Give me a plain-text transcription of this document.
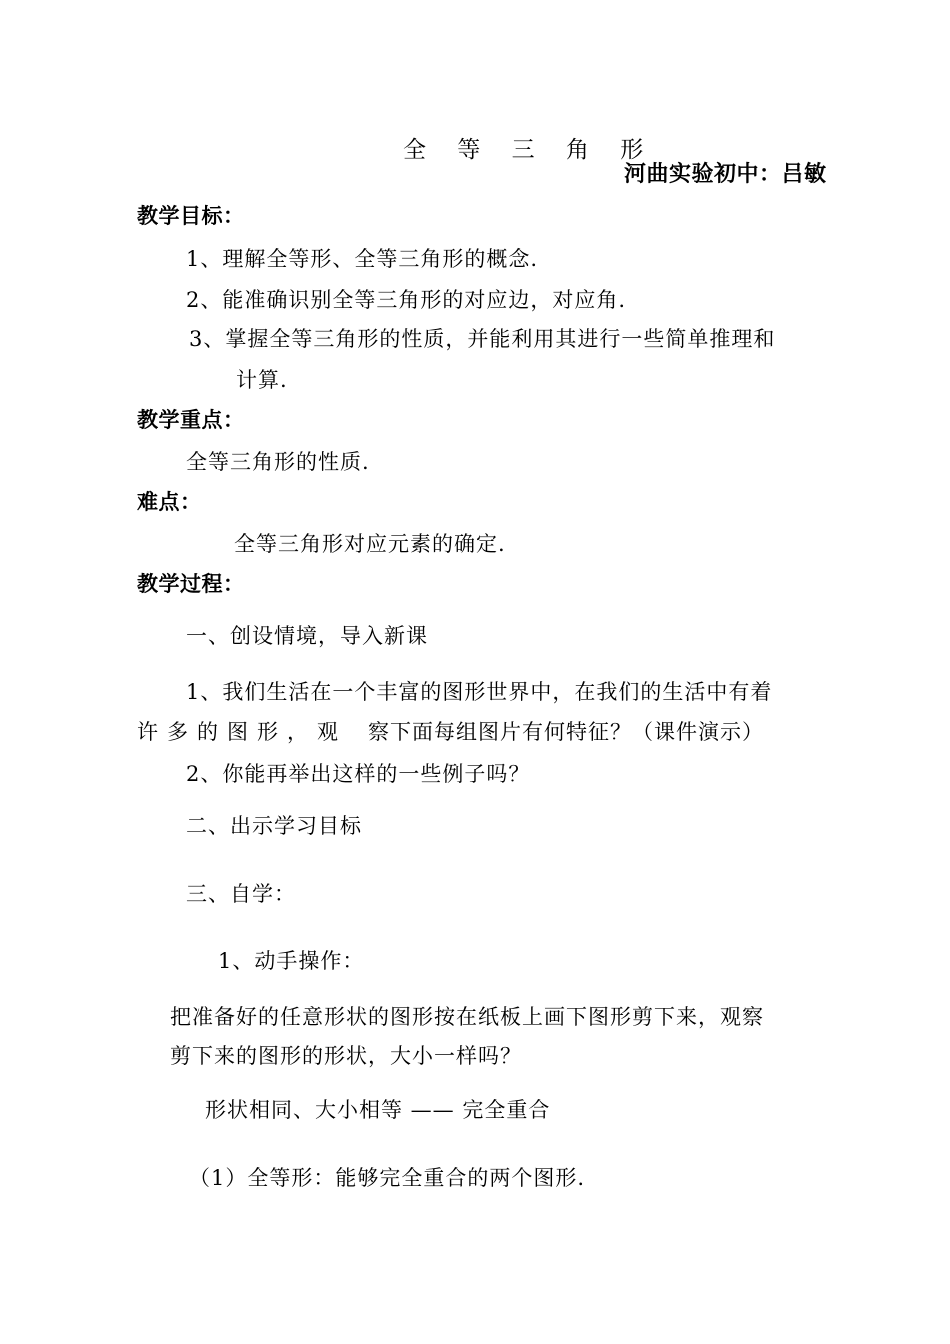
全 等 三 角 形
河曲实验初中：吕敏
教学目标：
1、理解全等形、全等三角形的概念.
2、能准确识别全等三角形的对应边，对应角.
3、掌握全等三角形的性质，并能利用其进行一些简单推理和
计算.
教学重点：
全等三角形的性质.
难点：
全等三角形对应元素的确定.
教学过程：
一、创设情境，导入新课
1、我们生活在一个丰富的图形世界中，在我们的生活中有着
许多的图形，观 察下面每组图片有何特征？（课件演示）
2、你能再举出这样的一些例子吗？
二、出示学习目标
三、自学：
1、动手操作：
把准备好的任意形状的图形按在纸板上画下图形剪下来，观察
剪下来的图形的形状，大小一样吗？
形状相同、大小相等 —— 完全重合
（1）全等形：能够完全重合的两个图形.
